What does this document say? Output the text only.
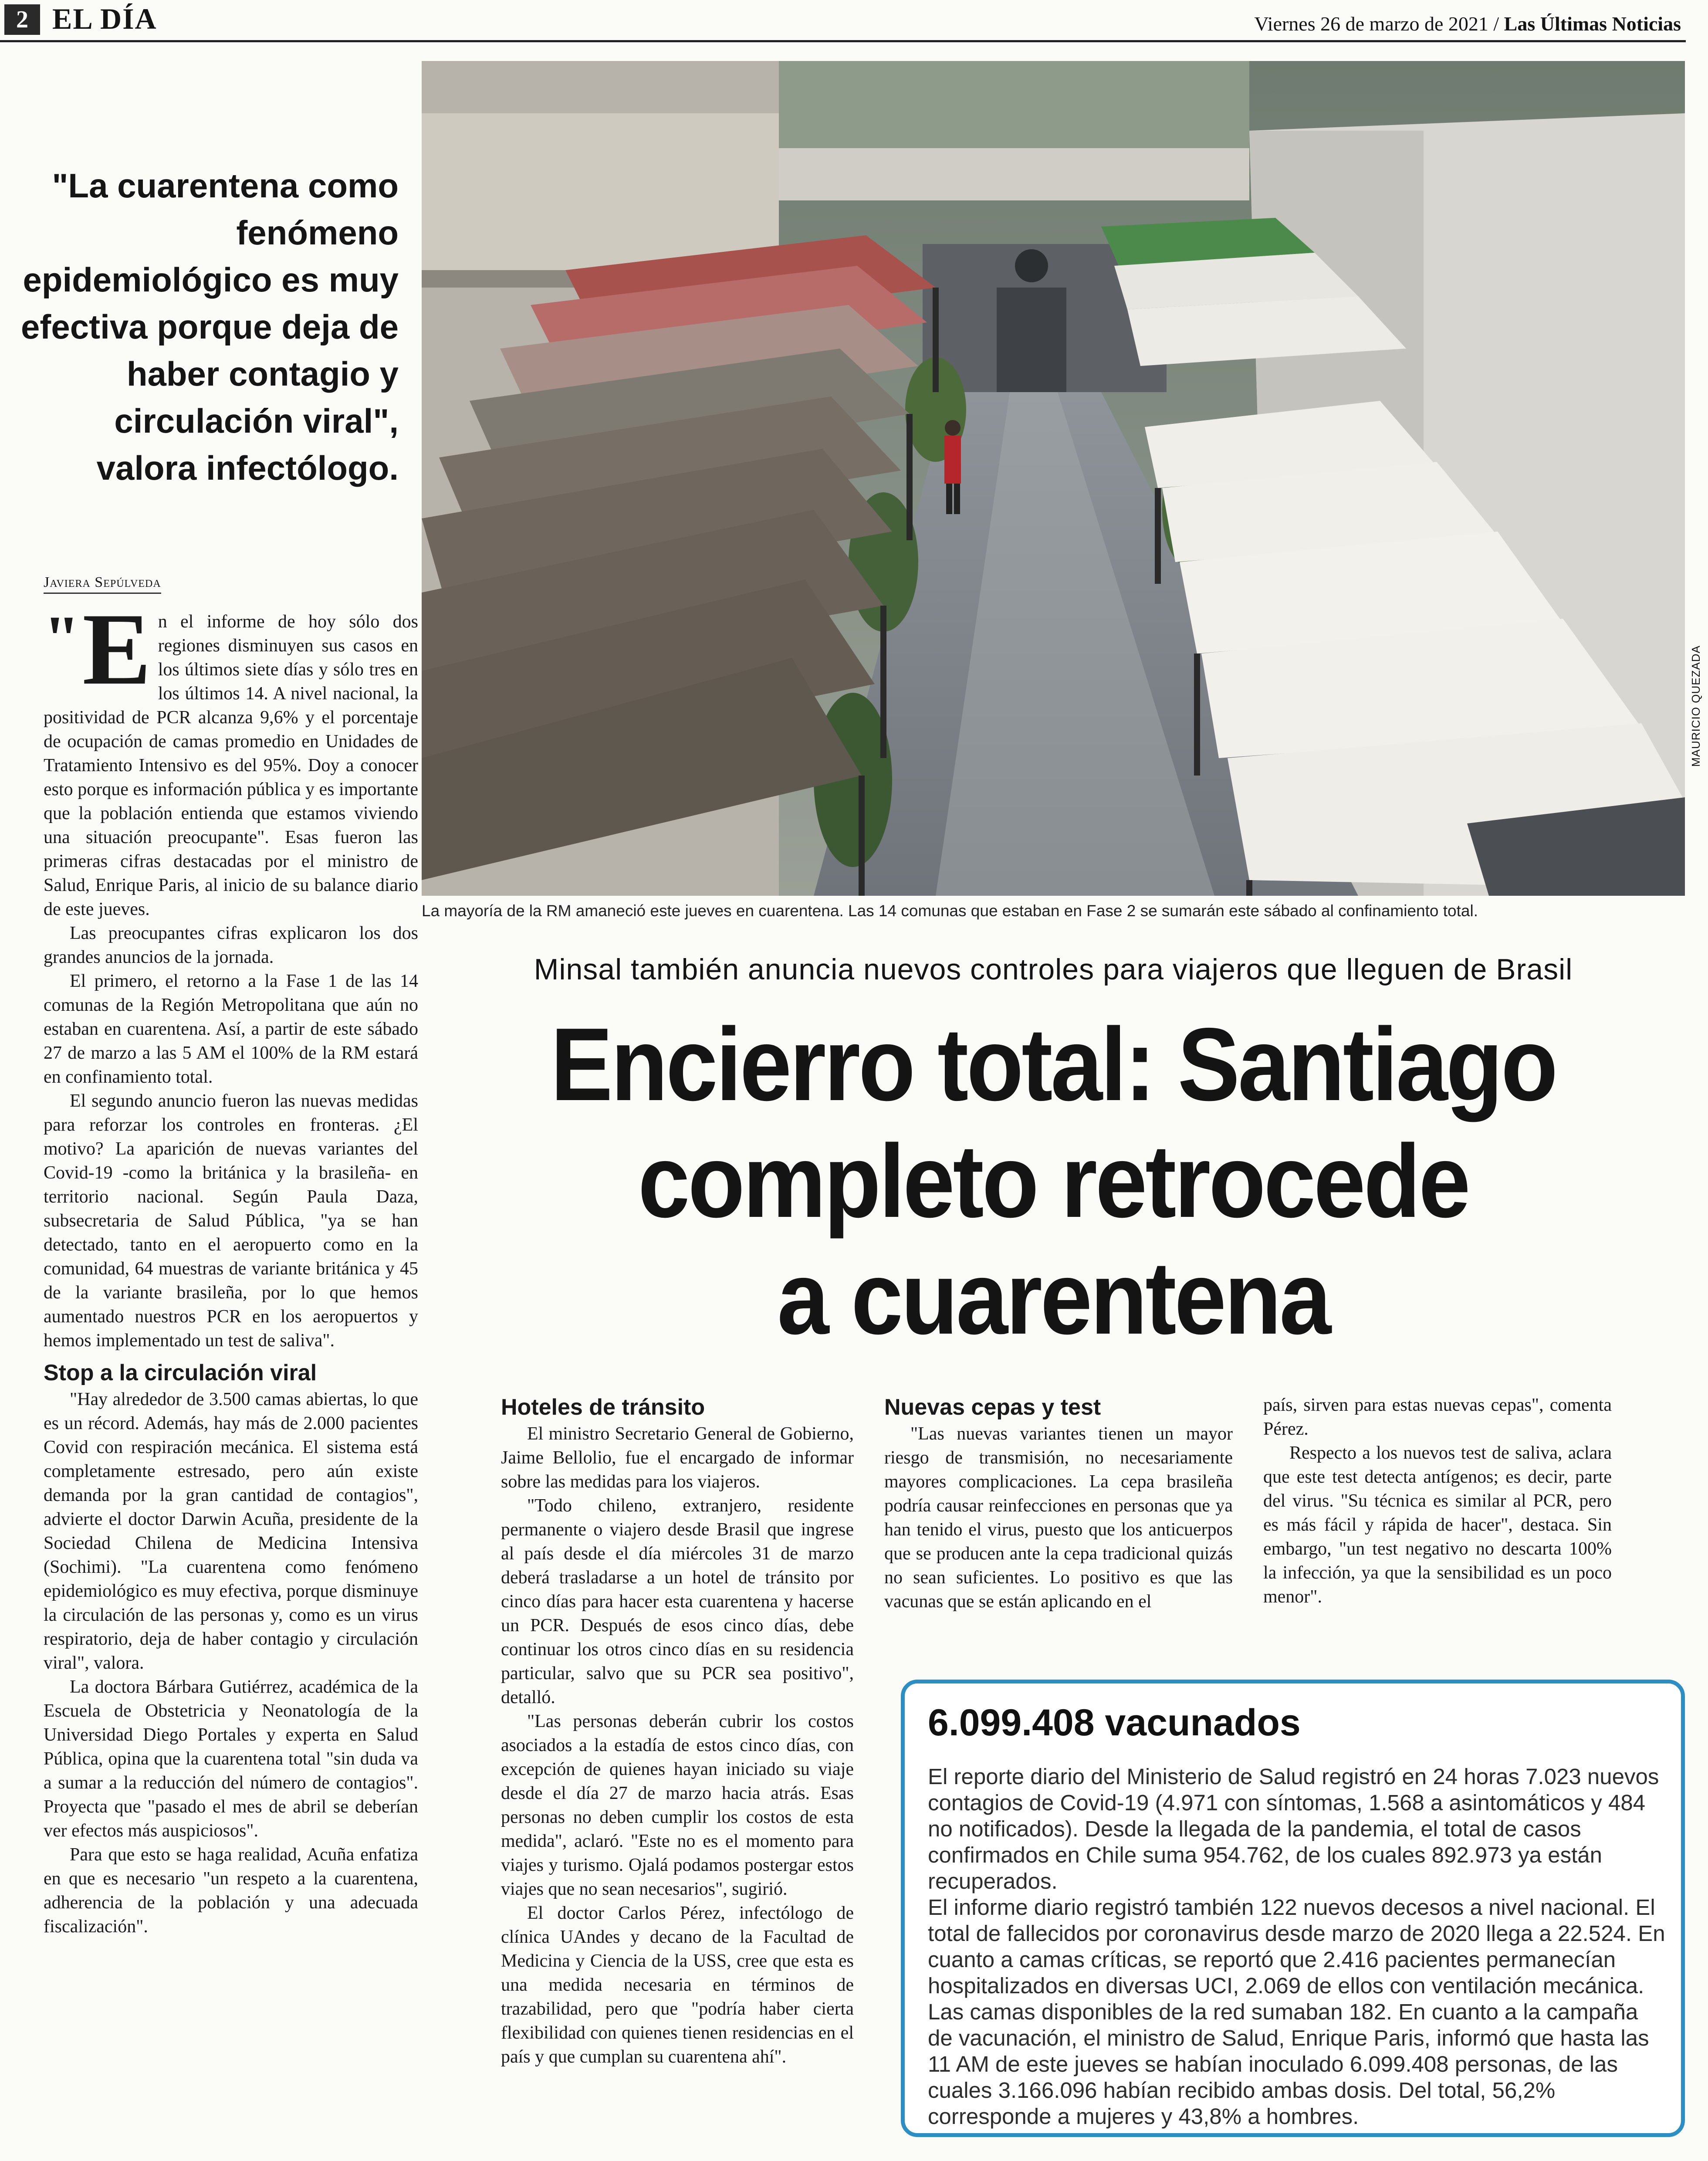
2 EL DÍA	Viernes 26 de marzo de 2021 / Las Últimas Noticias
"La cuarentena como fenómeno epidemiológico es muy efectiva porque deja de haber contagio y circulación viral", valora infectólogo.
Javiera Sepúlveda

" E n el informe de hoy sólo dos regiones disminuyen sus casos en los últimos siete días y sólo tres en los últimos 14. A nivel nacional, la positividad de PCR alcanza 9,6% y el porcentaje de ocupación de camas promedio en Unidades de Tratamiento Intensivo es del 95%. Doy a conocer esto porque es información pública y es importante que la población entienda que estamos viviendo una situación preocupante". Esas fueron las primeras cifras destacadas por el ministro de Salud, Enrique Paris, al inicio de su balance diario de este jueves.

Las preocupantes cifras explicaron los dos grandes anuncios de la jornada.

El primero, el retorno a la Fase 1 de las 14 comunas de la Región Metropolitana que aún no estaban en cuarentena. Así, a partir de este sábado 27 de marzo a las 5 AM el 100% de la RM estará en confinamiento total.

El segundo anuncio fueron las nuevas medidas para reforzar los controles en fronteras. ¿El motivo? La aparición de nuevas variantes del Covid-19 -como la británica y la brasileña- en territorio nacional. Según Paula Daza, subsecretaria de Salud Pública, "ya se han detectado, tanto en el aeropuerto como en la comunidad, 64 muestras de variante británica y 45 de la variante brasileña, por lo que hemos aumentado nuestros PCR en los aeropuertos y hemos implementado un test de saliva".

Stop a la circulación viral

"Hay alrededor de 3.500 camas abiertas, lo que es un récord. Además, hay más de 2.000 pacientes Covid con respiración mecánica. El sistema está completamente estresado, pero aún existe demanda por la gran cantidad de contagios", advierte el doctor Darwin Acuña, presidente de la Sociedad Chilena de Medicina Intensiva (Sochimi). "La cuarentena como fenómeno epidemiológico es muy efectiva, porque disminuye la circulación de las personas y, como es un virus respiratorio, deja de haber contagio y circulación viral", valora.

La doctora Bárbara Gutiérrez, académica de la Escuela de Obstetricia y Neonatología de la Universidad Diego Portales y experta en Salud Pública, opina que la cuarentena total "sin duda va a sumar a la reducción del número de contagios". Proyecta que "pasado el mes de abril se deberían ver efectos más auspiciosos".

Para que esto se haga realidad, Acuña enfatiza en que es necesario "un respeto a la cuarentena, adherencia de la población y una adecuada fiscalización".

MAURICIO QUEZADA
La mayoría de la RM amaneció este jueves en cuarentena. Las 14 comunas que estaban en Fase 2 se sumarán este sábado al confinamiento total.
Minsal también anuncia nuevos controles para viajeros que lleguen de Brasil
Encierro total: Santiago
completo retrocede
a cuarentena
Hoteles de tránsito

El ministro Secretario General de Gobierno, Jaime Bellolio, fue el encargado de informar sobre las medidas para los viajeros.

"Todo chileno, extranjero, residente permanente o viajero desde Brasil que ingrese al país desde el día miércoles 31 de marzo deberá trasladarse a un hotel de tránsito por cinco días para hacer esta cuarentena y hacerse un PCR. Después de esos cinco días, debe continuar los otros cinco días en su residencia particular, salvo que su PCR sea positivo", detalló.

"Las personas deberán cubrir los costos asociados a la estadía de estos cinco días, con excepción de quienes hayan iniciado su viaje desde el día 27 de marzo hacia atrás. Esas personas no deben cumplir los costos de esta medida", aclaró. "Este no es el momento para viajes y turismo. Ojalá podamos postergar estos viajes que no sean necesarios", sugirió.

El doctor Carlos Pérez, infectólogo de clínica UAndes y decano de la Facultad de Medicina y Ciencia de la USS, cree que esta es una medida necesaria en términos de trazabilidad, pero que "podría haber cierta flexibilidad con quienes tienen residencias en el país y que cumplan su cuarentena ahí".

Nuevas cepas y test

"Las nuevas variantes tienen un mayor riesgo de transmisión, no necesariamente mayores complicaciones. La cepa brasileña podría causar reinfecciones en personas que ya han tenido el virus, puesto que los anticuerpos que se producen ante la cepa tradicional quizás no sean suficientes. Lo positivo es que las vacunas que se están aplicando en el

país, sirven para estas nuevas cepas", comenta Pérez.

Respecto a los nuevos test de saliva, aclara que este test detecta antígenos; es decir, parte del virus. "Su técnica es similar al PCR, pero es más fácil y rápida de hacer", destaca. Sin embargo, "un test negativo no descarta 100% la infección, ya que la sensibilidad es un poco menor".

6.099.408 vacunados

El reporte diario del Ministerio de Salud registró en 24 horas 7.023 nuevos contagios de Covid-19 (4.971 con síntomas, 1.568 a asintomáticos y 484 no notificados). Desde la llegada de la pandemia, el total de casos confirmados en Chile suma 954.762, de los cuales 892.973 ya están recuperados.

El informe diario registró también 122 nuevos decesos a nivel nacional. El total de fallecidos por coronavirus desde marzo de 2020 llega a 22.524. En cuanto a camas críticas, se reportó que 2.416 pacientes permanecían hospitalizados en diversas UCI, 2.069 de ellos con ventilación mecánica. Las camas disponibles de la red sumaban 182. En cuanto a la campaña de vacunación, el ministro de Salud, Enrique Paris, informó que hasta las 11 AM de este jueves se habían inoculado 6.099.408 personas, de las cuales 3.166.096 habían recibido ambas dosis. Del total, 56,2% corresponde a mujeres y 43,8% a hombres.
